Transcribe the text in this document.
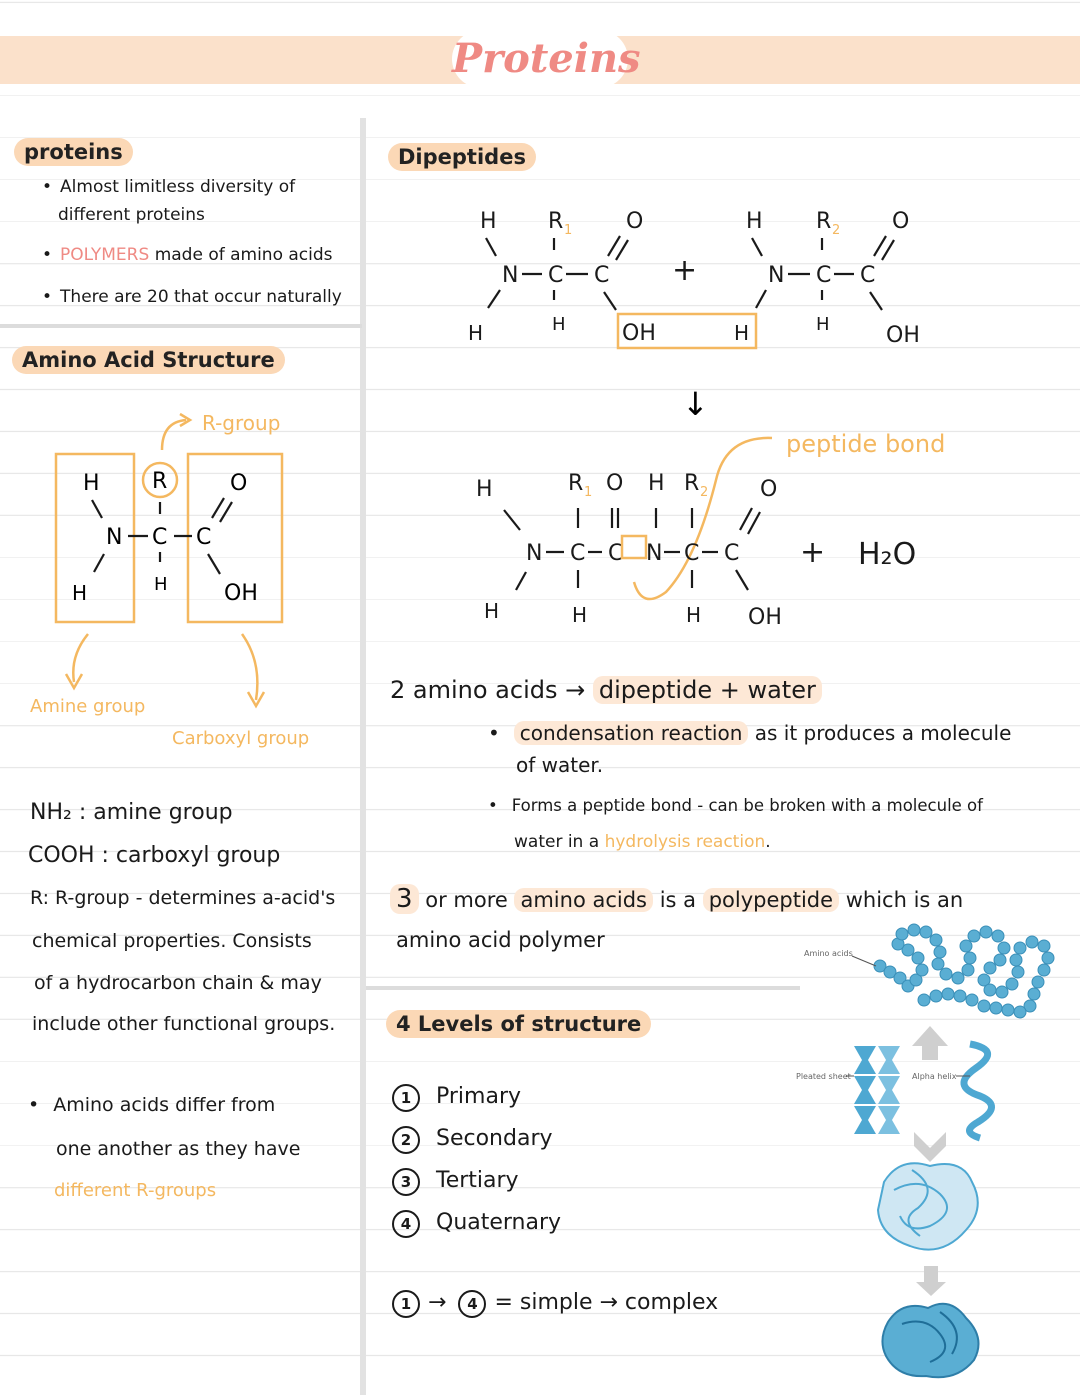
Proteins
proteins
• Almost limitless diversity of
different proteins
• POLYMERS made of amino acids
• There are 20 that occur naturally
Amino Acid Structure
R-group
H R	O
N C C
H	H	OH
Amine group
Carboxyl group
NH₂ : amine group
COOH : carboxyl group
R: R-group - determines a-acid's
chemical properties. Consists
of a hydrocarbon chain & may
include other functional groups.
• Amino acids differ from
one another as they have
different R-groups
Dipeptides
H R 1 O
N C C
H	H	OH
+
H R 2 O
N C C
H	H	OH
↓
peptide bond
H	R 1 O H R 2 O
N C C N C C
H	H	H OH
+ H₂O
2 amino acids → dipeptide + water
• condensation reaction as it produces a molecule
of water.
• Forms a peptide bond - can be broken with a molecule of
water in a hydrolysis reaction.
3 or more amino acids is a polypeptide which is an
amino acid polymer
4 Levels of structure
1 Primary
2 Secondary
3 Tertiary
4 Quaternary
1 → 4 = simple → complex
Amino acids
Pleated sheet	Alpha helix
